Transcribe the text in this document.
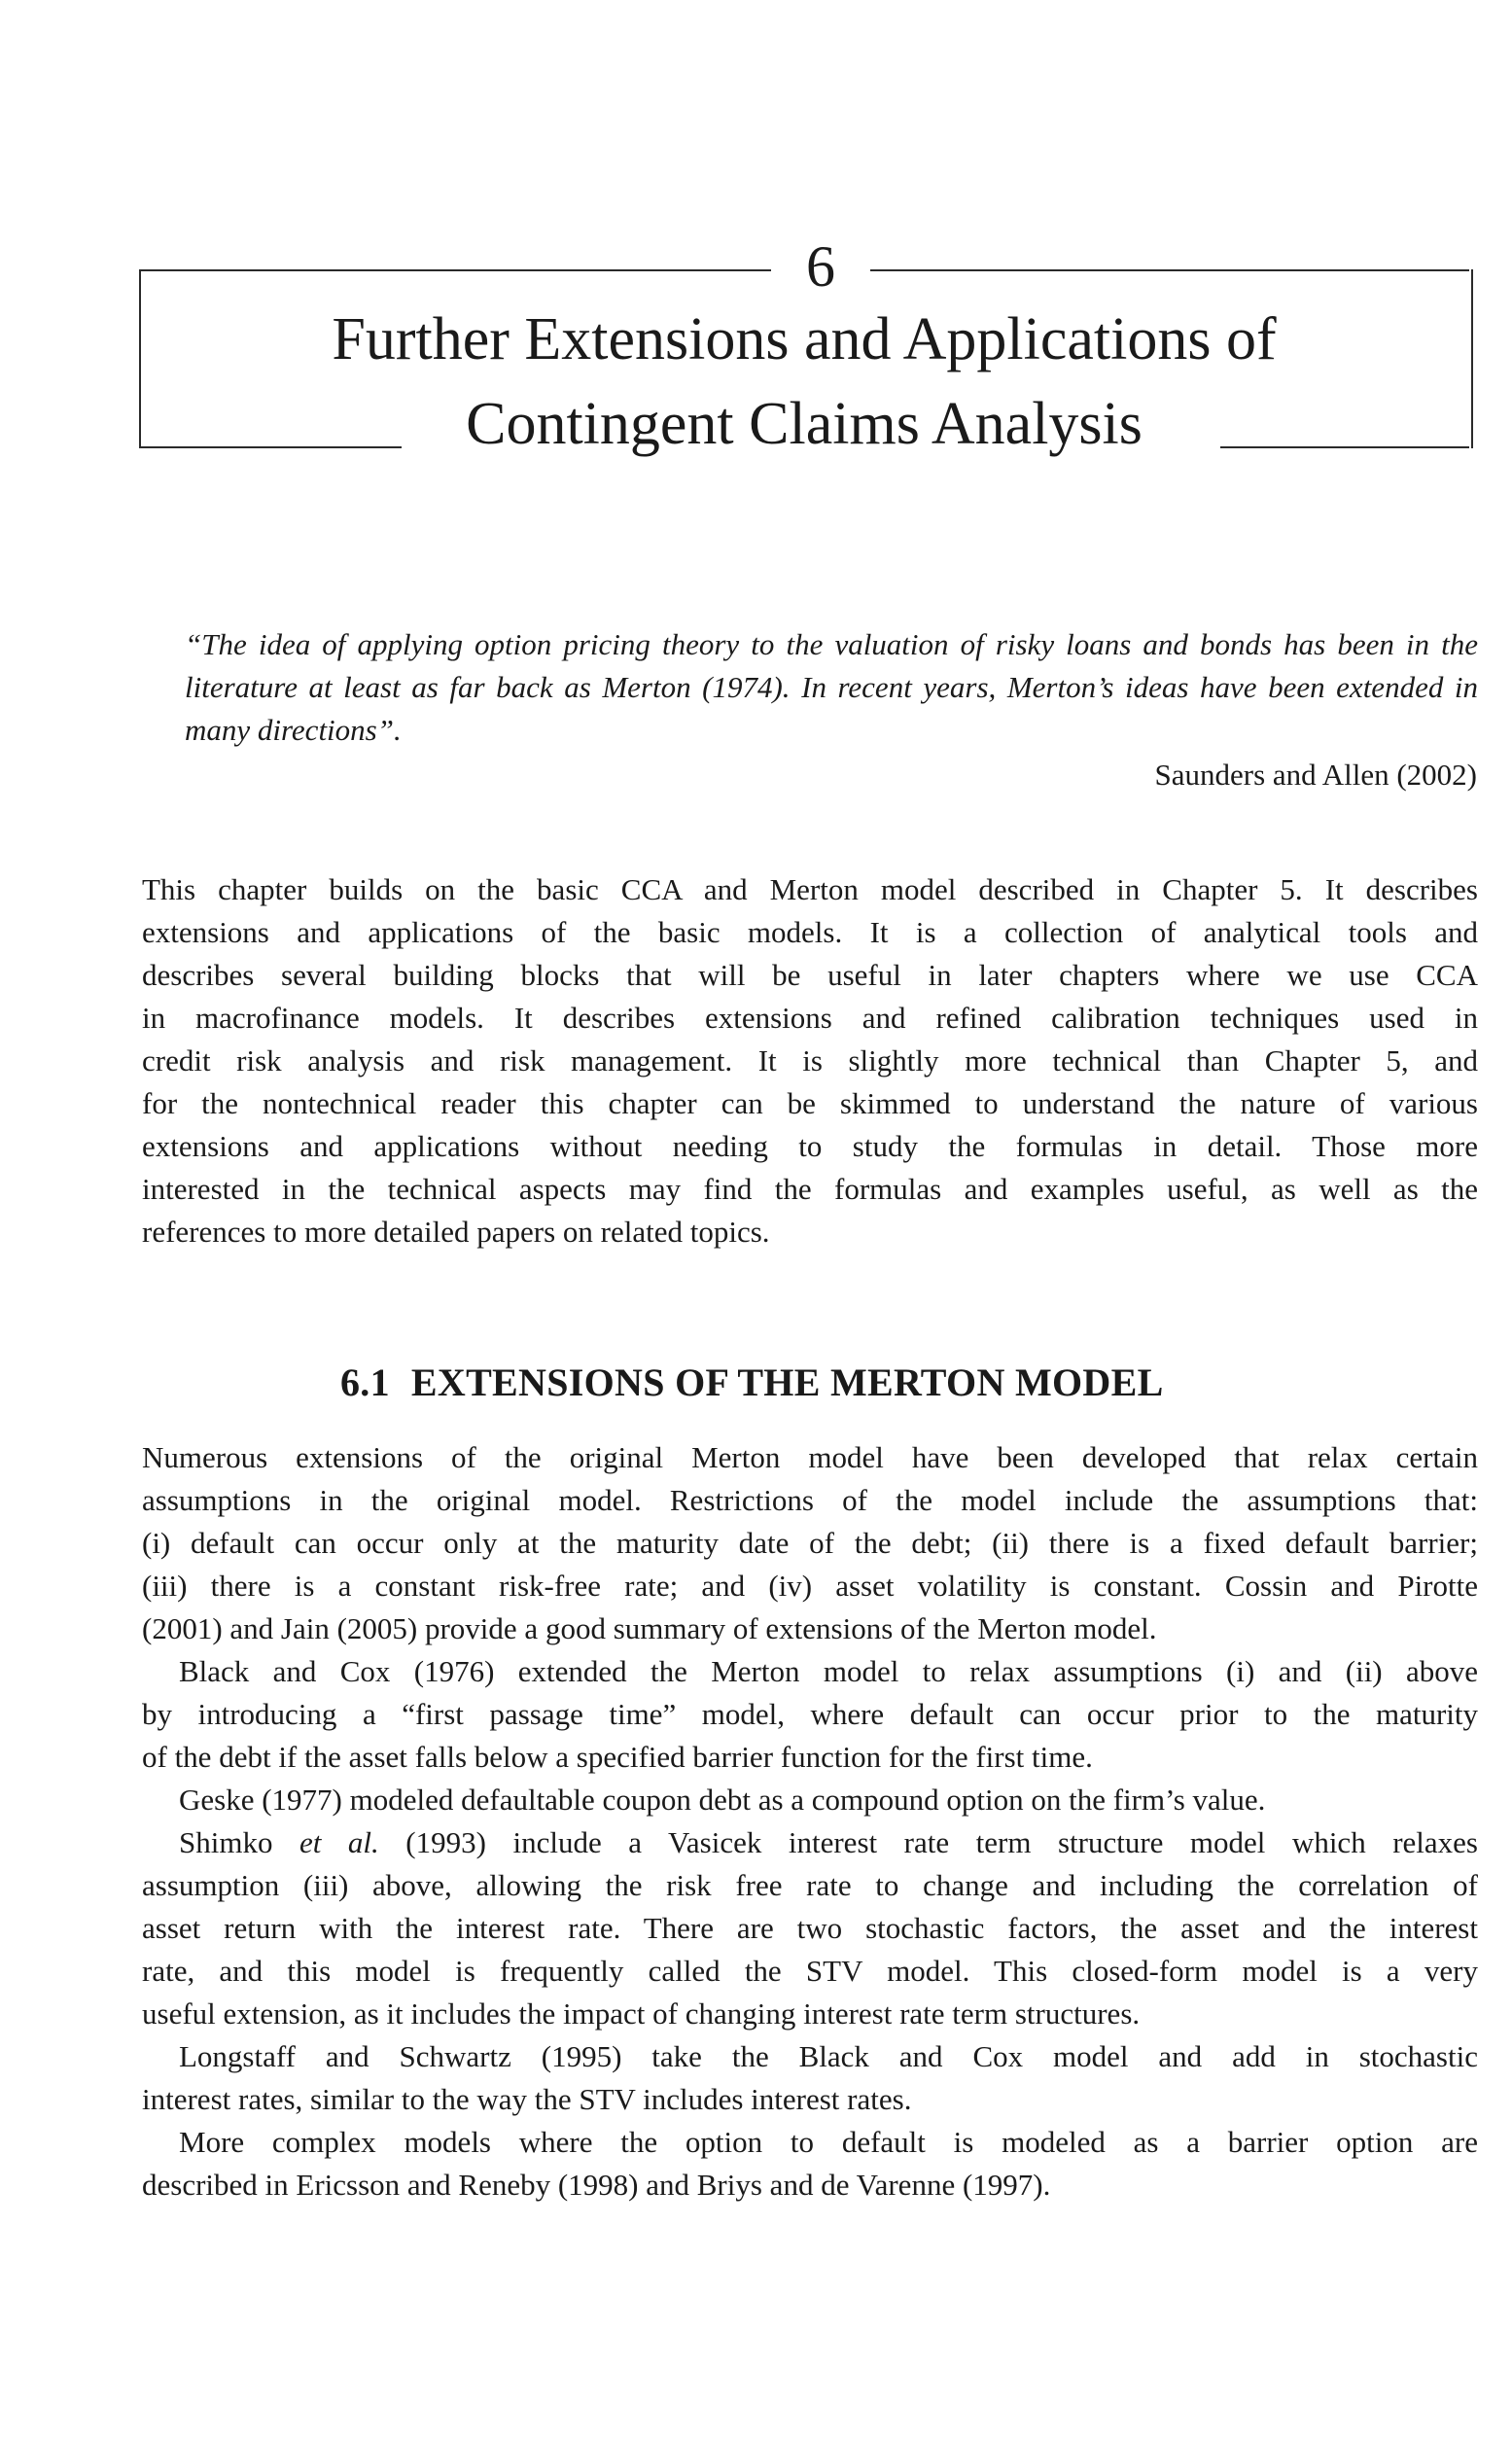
6
Further Extensions and Applications of
Contingent Claims Analysis
“The idea of applying option pricing theory to the valuation of risky loans and bonds has been in the literature at least as far back as Merton (1974). In recent years, Merton’s ideas have been extended in many directions”.
Saunders and Allen (2002)
This chapter builds on the basic CCA and Merton model described in Chapter 5. It describes
extensions and applications of the basic models. It is a collection of analytical tools and
describes several building blocks that will be useful in later chapters where we use CCA
in macrofinance models. It describes extensions and refined calibration techniques used in
credit risk analysis and risk management. It is slightly more technical than Chapter 5, and
for the nontechnical reader this chapter can be skimmed to understand the nature of various
extensions and applications without needing to study the formulas in detail. Those more
interested in the technical aspects may find the formulas and examples useful, as well as the
references to more detailed papers on related topics.
6.1 EXTENSIONS OF THE MERTON MODEL
Numerous extensions of the original Merton model have been developed that relax certain
assumptions in the original model. Restrictions of the model include the assumptions that:
(i) default can occur only at the maturity date of the debt; (ii) there is a fixed default barrier;
(iii) there is a constant risk-free rate; and (iv) asset volatility is constant. Cossin and Pirotte
(2001) and Jain (2005) provide a good summary of extensions of the Merton model.
Black and Cox (1976) extended the Merton model to relax assumptions (i) and (ii) above
by introducing a “first passage time” model, where default can occur prior to the maturity
of the debt if the asset falls below a specified barrier function for the first time.
Geske (1977) modeled defaultable coupon debt as a compound option on the firm’s value.
Shimko et al. (1993) include a Vasicek interest rate term structure model which relaxes
assumption (iii) above, allowing the risk free rate to change and including the correlation of
asset return with the interest rate. There are two stochastic factors, the asset and the interest
rate, and this model is frequently called the STV model. This closed-form model is a very
useful extension, as it includes the impact of changing interest rate term structures.
Longstaff and Schwartz (1995) take the Black and Cox model and add in stochastic
interest rates, similar to the way the STV includes interest rates.
More complex models where the option to default is modeled as a barrier option are
described in Ericsson and Reneby (1998) and Briys and de Varenne (1997).
